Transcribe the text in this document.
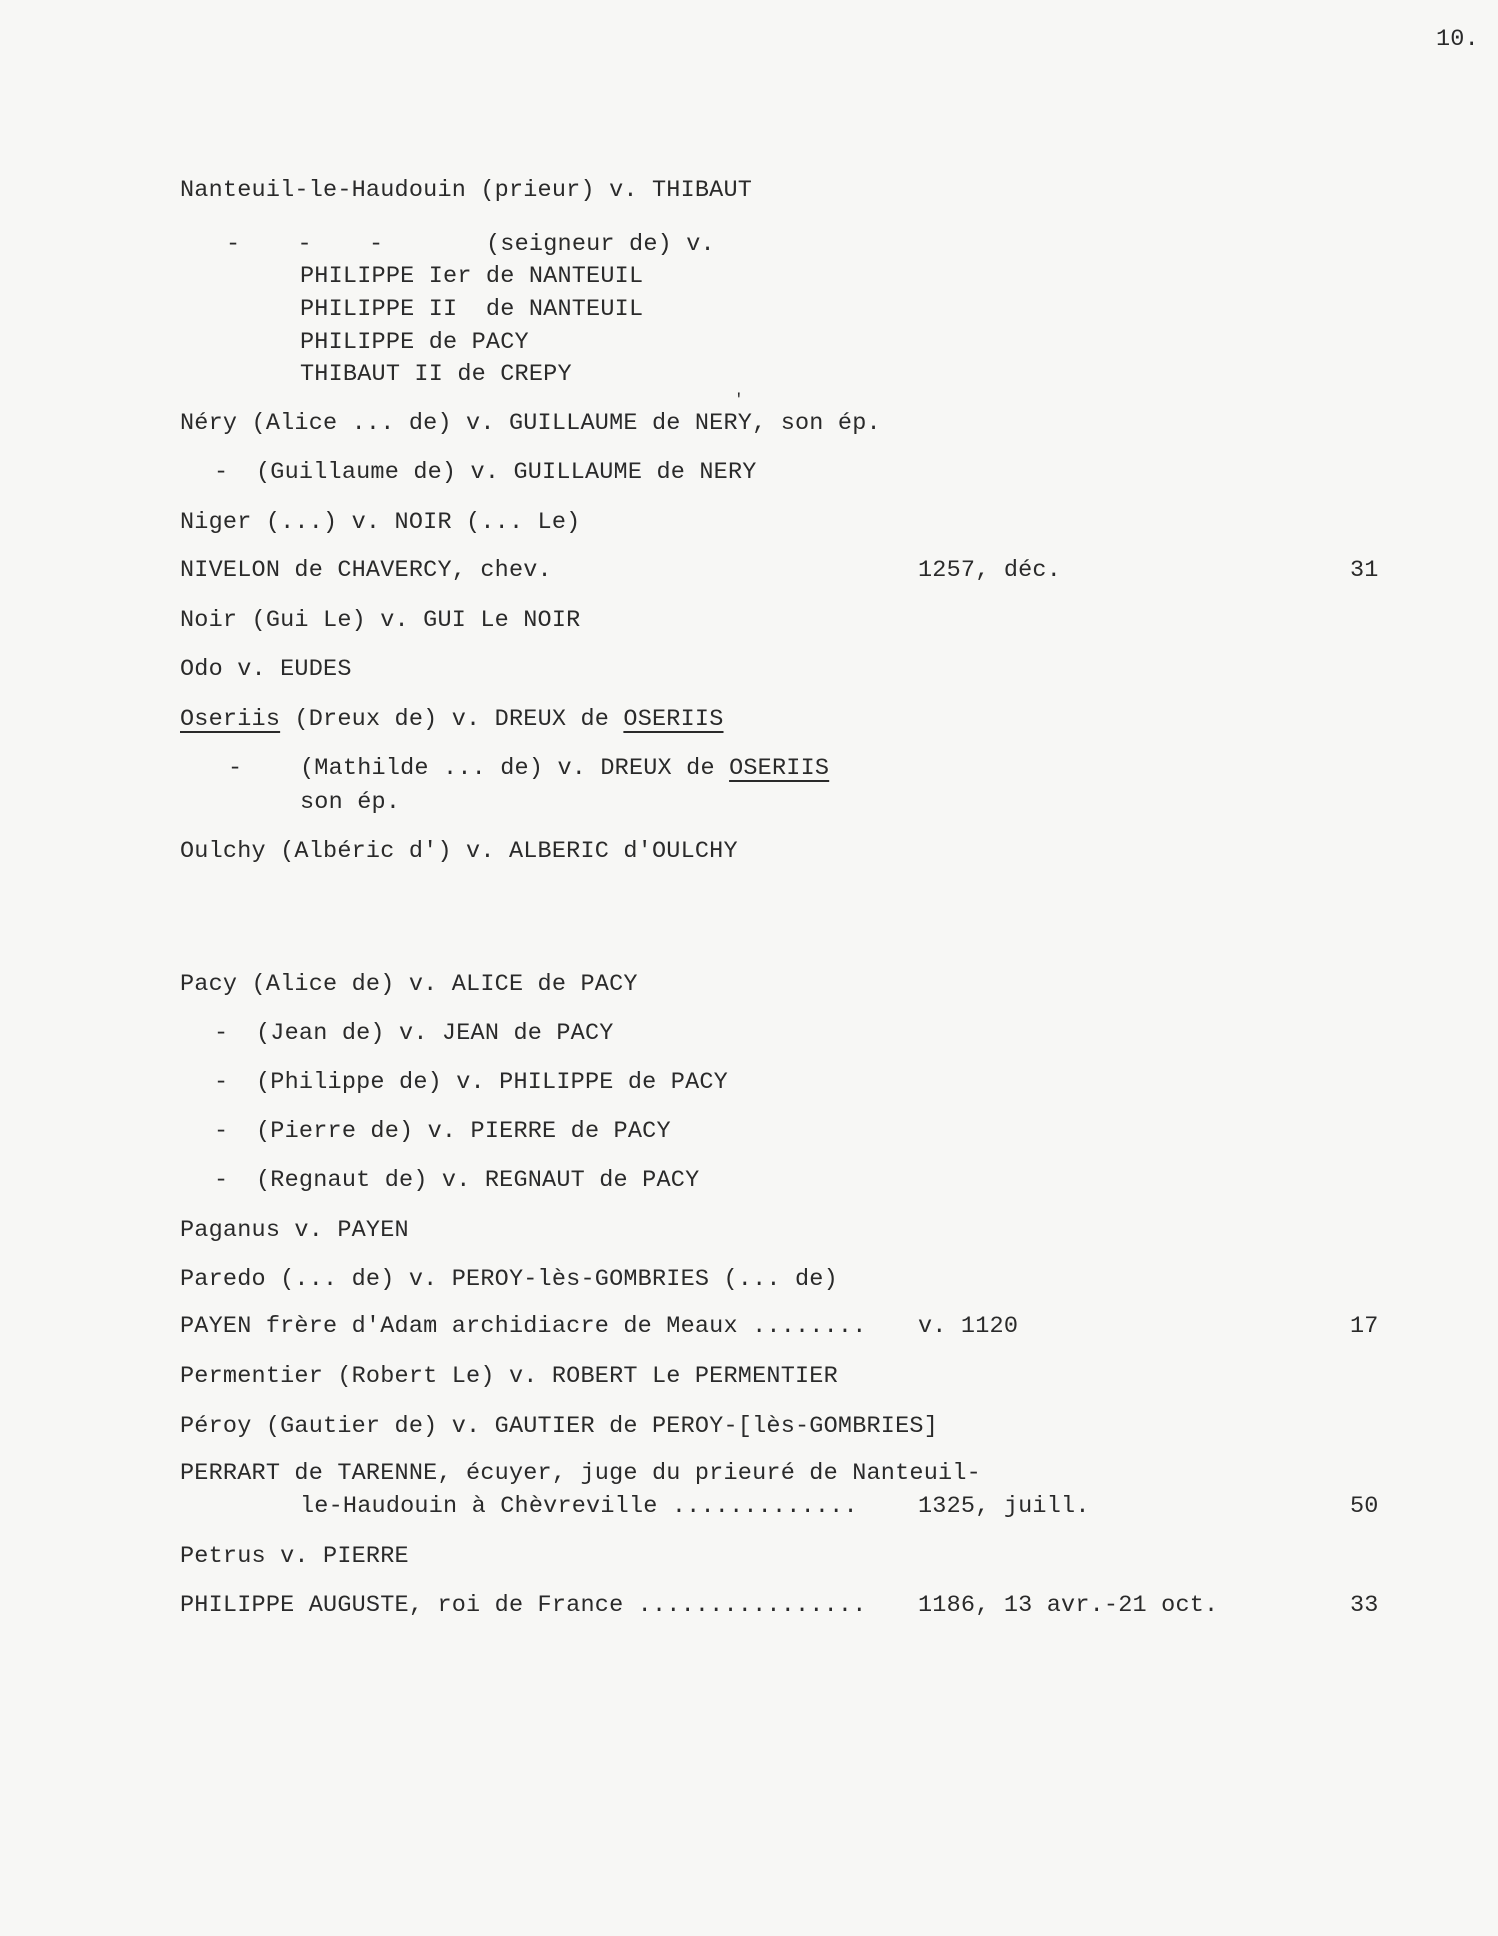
10.
Nanteuil-le-Haudouin (prieur) v. THIBAUT
-    -    -	(seigneur de) v.
PHILIPPE Ier de NANTEUIL
PHILIPPE II  de NANTEUIL
PHILIPPE de PACY
THIBAUT II de CREPY
'
Néry (Alice ... de) v. GUILLAUME de NERY, son ép.
- (Guillaume de) v. GUILLAUME de NERY
Niger (...) v. NOIR (... Le)
NIVELON de CHAVERCY, chev.	1257, déc.	31
Noir (Gui Le) v. GUI Le NOIR
Odo v. EUDES
Oseriis (Dreux de) v. DREUX de OSERIIS
- (Mathilde ... de) v. DREUX de OSERIIS
son ép.
Oulchy (Albéric d') v. ALBERIC d'OULCHY
Pacy (Alice de) v. ALICE de PACY
- (Jean de) v. JEAN de PACY
- (Philippe de) v. PHILIPPE de PACY
- (Pierre de) v. PIERRE de PACY
- (Regnaut de) v. REGNAUT de PACY
Paganus v. PAYEN
Paredo (... de) v. PEROY-lès-GOMBRIES (... de)
PAYEN frère d'Adam archidiacre de Meaux ........ v. 1120	17
Permentier (Robert Le) v. ROBERT Le PERMENTIER
Péroy (Gautier de) v. GAUTIER de PEROY-[lès-GOMBRIES]
PERRART de TARENNE, écuyer, juge du prieuré de Nanteuil-
le-Haudouin à Chèvreville .............	1325, juill.	50
Petrus v. PIERRE
PHILIPPE AUGUSTE, roi de France ................ 1186, 13 avr.-21 oct.	33
